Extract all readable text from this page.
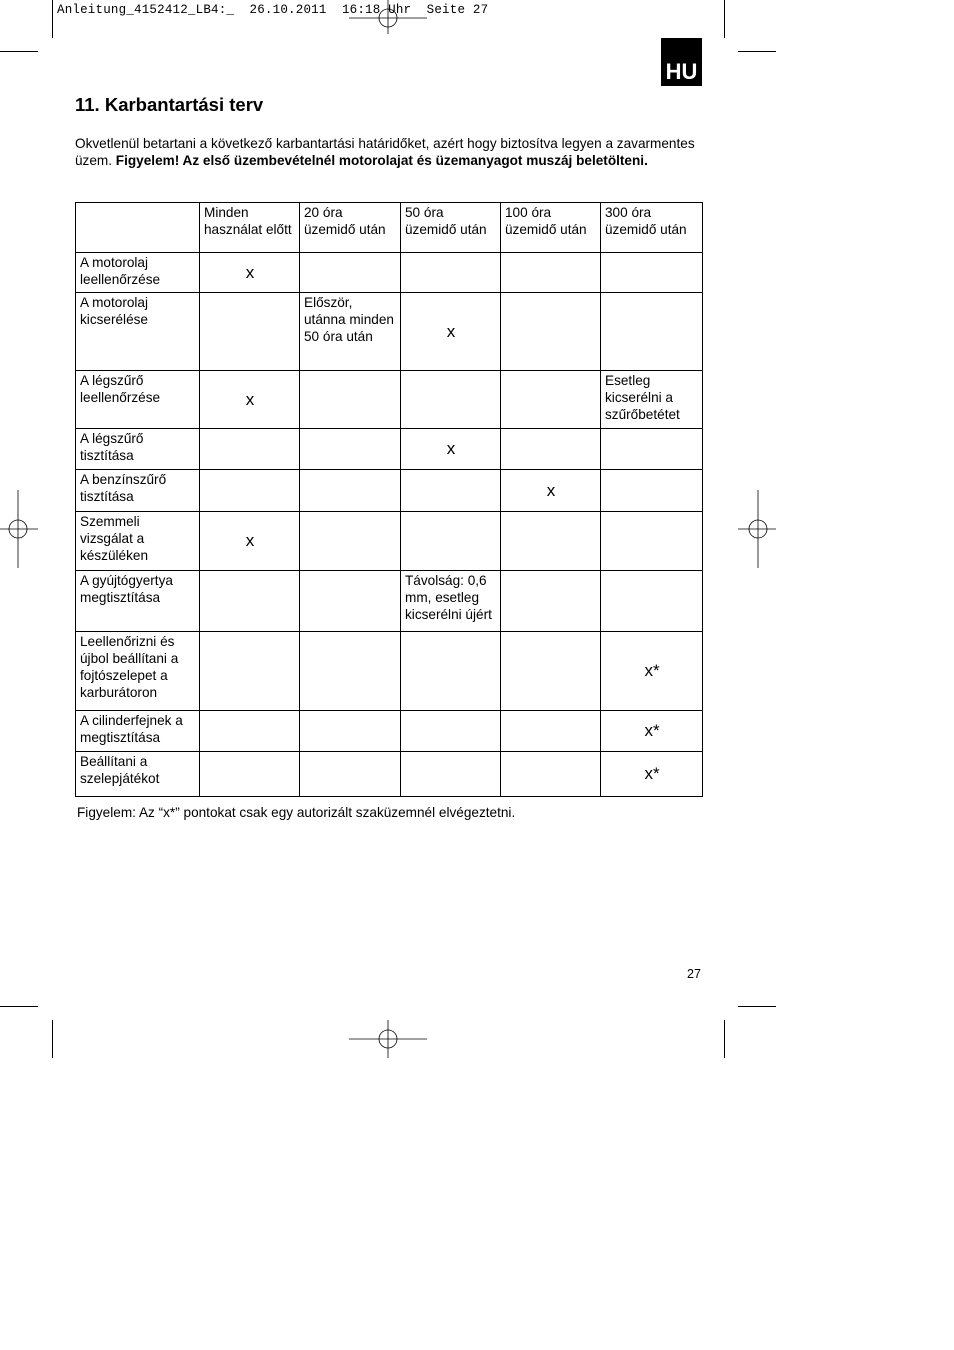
Anleitung_4152412_LB4:_  26.10.2011  16:18 Uhr  Seite 27
HU
11. Karbantartási terv
Okvetlenül betartani a következő karbantartási határidőket, azért hogy biztosítva legyen a zavarmentes üzem. Figyelem! Az első üzembevételnél motorolajat és üzemanyagot muszáj beletölteni.
	Minden használat előtt	20 óra üzemidő után	50 óra üzemidő után	100 óra üzemidő után	300 óra üzemidő után
A motorolaj leellenőrzése	x				
A motorolaj kicserélése		Először, utánna minden 50 óra után	x		
A légszűrő leellenőrzése	x				Esetleg kicserélni a szűrőbetétet
A légszűrő tisztítása			x		
A benzínszűrő tisztítása				x	
Szemmeli vizsgálat a készüléken	x				
A gyújtógyertya megtisztítása			Távolság: 0,6 mm, esetleg kicserélni újért		
Leellenőrizni és újbol beállítani a fojtószelepet a karburátoron					x*
A cilinderfejnek a megtisztítása					x*
Beállítani a szelepjátékot					x*
Figyelem: Az “x*” pontokat csak egy autorizált szaküzemnél elvégeztetni.
27
